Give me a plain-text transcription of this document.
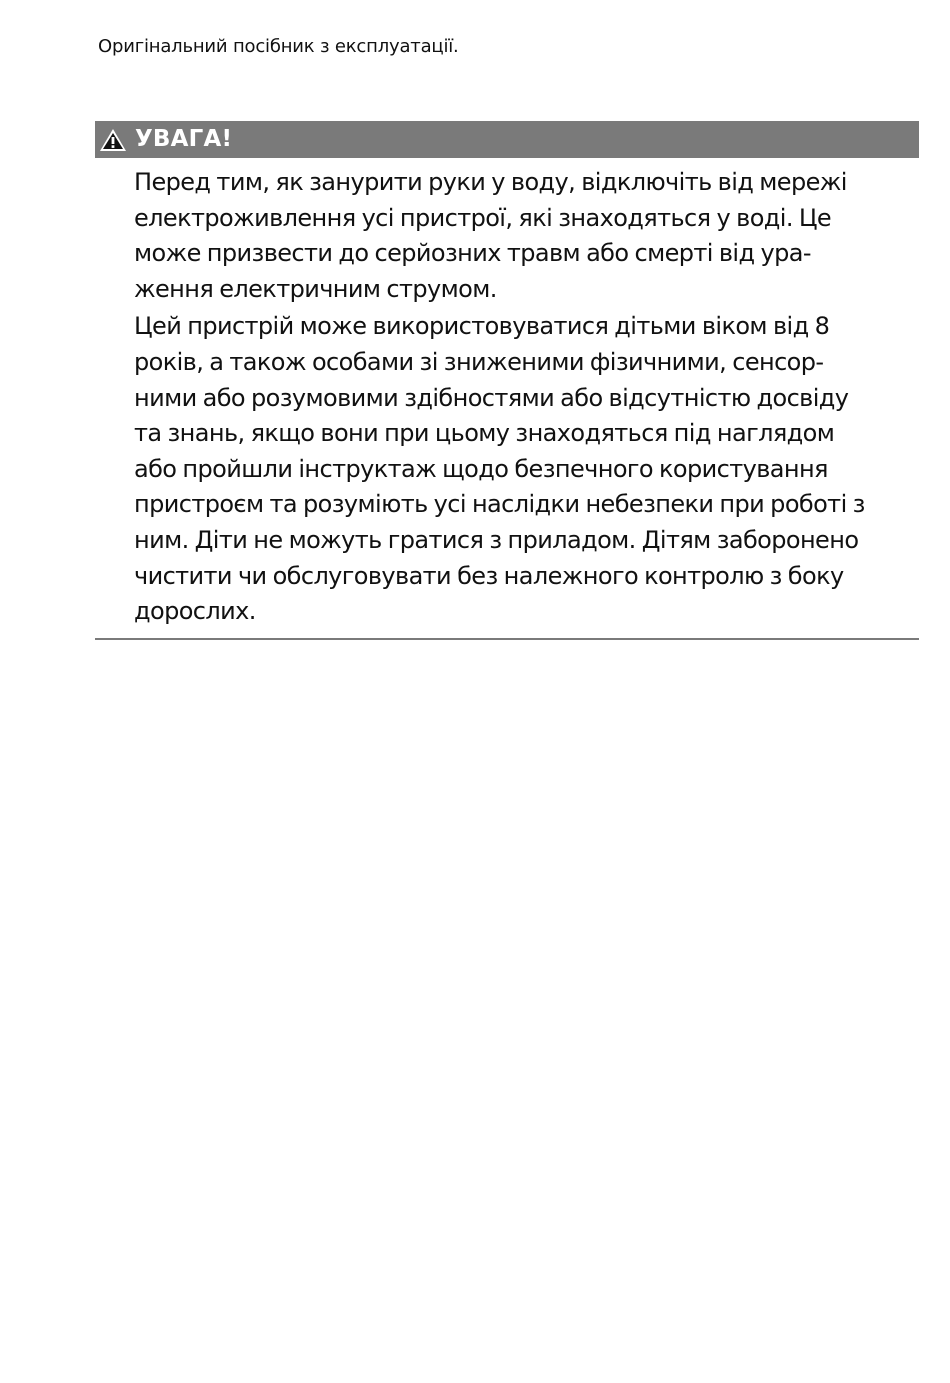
Оригінальний посібник з експлуатації.
УВАГА!

Перед тим, як занурити руки у воду, відключіть від мережі
електроживлення усі пристрої, які знаходяться у воді. Це
може призвести до серйозних травм або смерті від ура-
ження електричним струмом.

Цей пристрій може використовуватися дітьми віком від 8
років, а також особами зі зниженими фізичними, сенсор-
ними або розумовими здібностями або відсутністю досвіду
та знань, якщо вони при цьому знаходяться під наглядом
або пройшли інструктаж щодо безпечного користування
пристроєм та розуміють усі наслідки небезпеки при роботі з
ним. Діти не можуть гратися з приладом. Дітям заборонено
чистити чи обслуговувати без належного контролю з боку
дорослих.
